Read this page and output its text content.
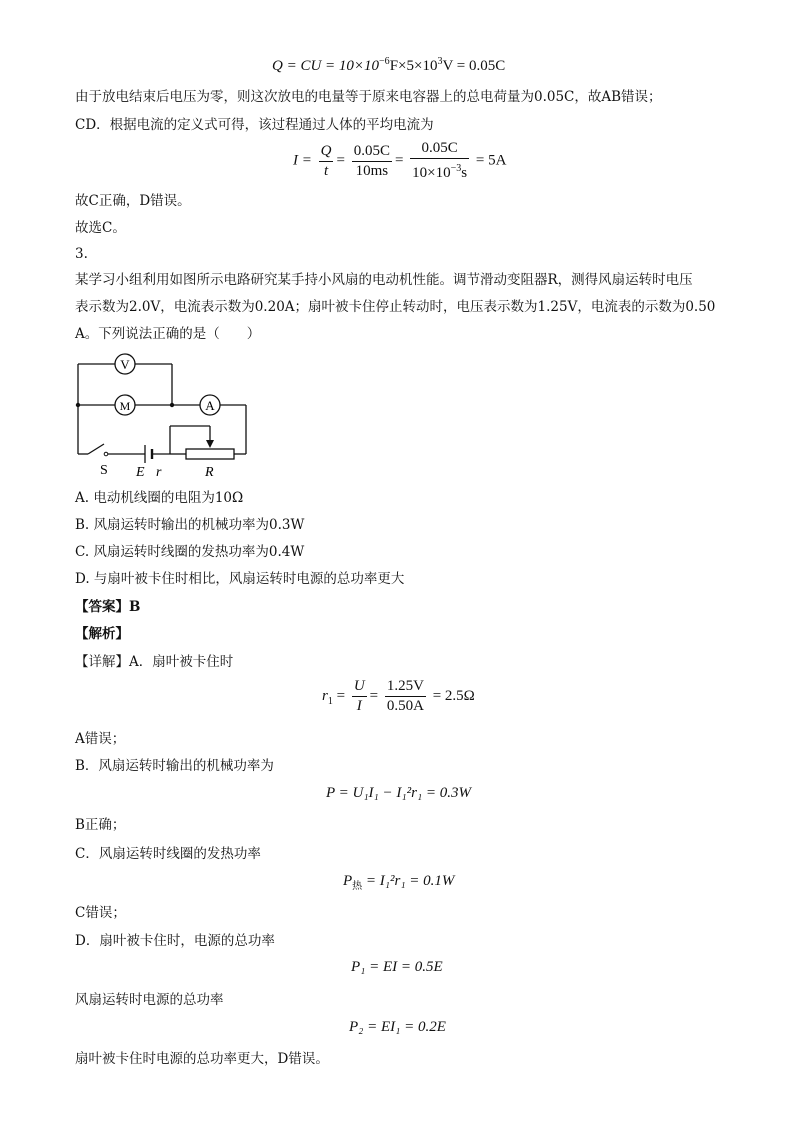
Q = CU = $10\times 10^{-6}F\times 5\times 10^3V = 0.05C$
由于放电结束后电压为零，则这次放电的电量等于原来电容器上的总电荷量为0.05C，故AB错误；
CD．根据电流的定义式可得，该过程通过人体的平均电流为
$I = \frac{Q}{t} = \frac{0.05C}{10ms} = \frac{0.05C}{10\times 10^{-3}s} = 5A$
故C正确，D错误。
故选C。
3.
某学习小组利用如图所示电路研究某手持小风扇的电动机性能。调节滑动变阻器R，测得风扇运转时电压
表示数为2.0V，电流表示数为0.20A；扇叶被卡住停止转动时，电压表示数为1.25V，电流表的示数为0.50
A。下列说法正确的是（　　）
V
M	A
S E r	R
A. 电动机线圈的电阻为10Ω
B. 风扇运转时输出的机械功率为0.3W
C. 风扇运转时线圈的发热功率为0.4W
D. 与扇叶被卡住时相比，风扇运转时电源的总功率更大
【答案】B
【解析】
【详解】A．扇叶被卡住时
$r_1 = \frac{U}{I} = \frac{1.25V}{0.50A} = 2.5\Omega$
A错误；
B．风扇运转时输出的机械功率为
P = U₁I₁ − I₁²r₁ = 0.3W
B正确；
C．风扇运转时线圈的发热功率
$P_热 = I_1^2r_1 = 0.1W$
C错误；
D．扇叶被卡住时，电源的总功率
P₁ = EI = 0.5E
风扇运转时电源的总功率
P₂ = EI₁ = 0.2E
扇叶被卡住时电源的总功率更大，D错误。
